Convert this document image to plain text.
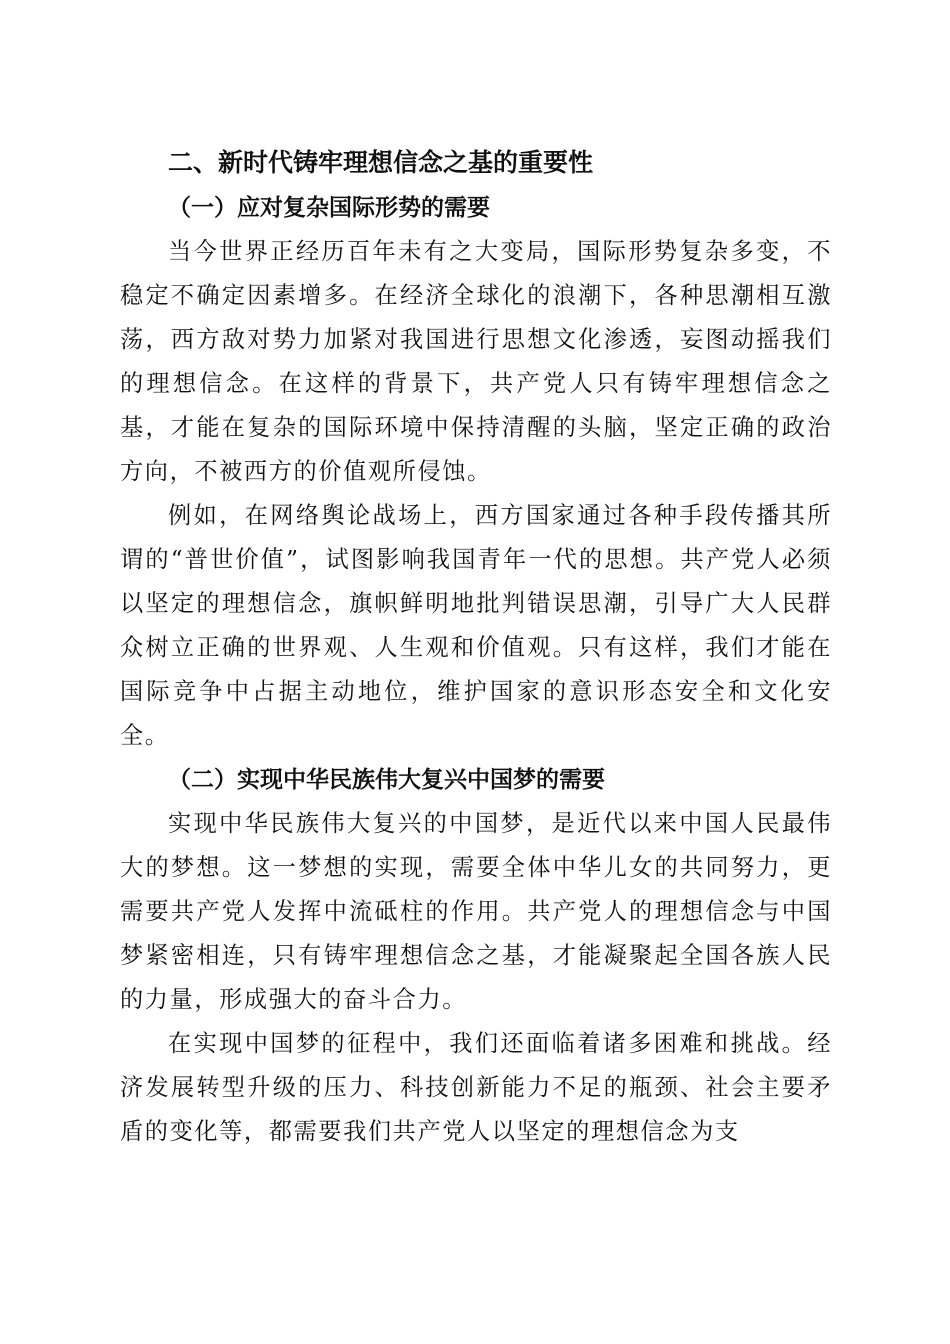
二、新时代铸牢理想信念之基的重要性
（一）应对复杂国际形势的需要

当今世界正经历百年未有之大变局，国际形势复杂多变，不稳定不确定因素增多。在经济全球化的浪潮下，各种思潮相互激荡，西方敌对势力加紧对我国进行思想文化渗透，妄图动摇我们的理想信念。在这样的背景下，共产党人只有铸牢理想信念之基，才能在复杂的国际环境中保持清醒的头脑，坚定正确的政治方向，不被西方的价值观所侵蚀。

例如，在网络舆论战场上，西方国家通过各种手段传播其所谓的“普世价值”，试图影响我国青年一代的思想。共产党人必须以坚定的理想信念，旗帜鲜明地批判错误思潮，引导广大人民群众树立正确的世界观、人生观和价值观。只有这样，我们才能在国际竞争中占据主动地位，维护国家的意识形态安全和文化安全。

（二）实现中华民族伟大复兴中国梦的需要

实现中华民族伟大复兴的中国梦，是近代以来中国人民最伟大的梦想。这一梦想的实现，需要全体中华儿女的共同努力，更需要共产党人发挥中流砥柱的作用。共产党人的理想信念与中国梦紧密相连，只有铸牢理想信念之基，才能凝聚起全国各族人民的力量，形成强大的奋斗合力。

在实现中国梦的征程中，我们还面临着诸多困难和挑战。经济发展转型升级的压力、科技创新能力不足的瓶颈、社会主要矛盾的变化等，都需要我们共产党人以坚定的理想信念为支
